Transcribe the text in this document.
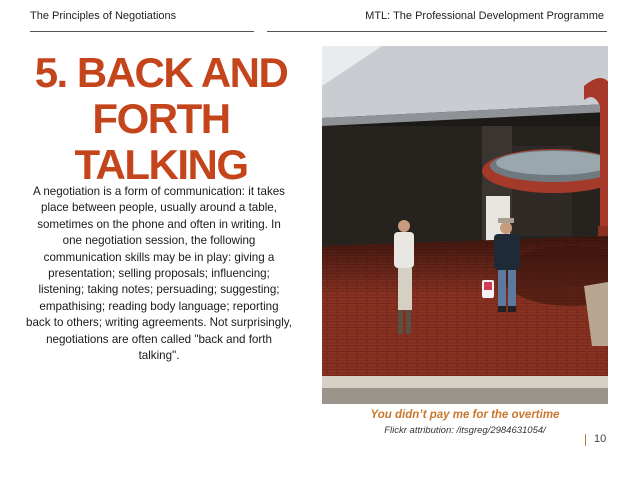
The Principles of Negotiations	MTL: The Professional Development Programme
5. BACK AND
FORTH
TALKING
A negotiation is a form of communication: it takes place between people, usually around a table, sometimes on the phone and often in writing. In one negotiation session, the following communication skills may be in play: giving a presentation; selling proposals; influencing; listening; taking notes; persuading; suggesting; empathising; reading body language; reporting back to others; writing agreements. Not surprisingly, negotiations are often called "back and forth talking".
You didn’t pay me for the overtime
Flickr attribution: /itsgreg/2984631054/
10
